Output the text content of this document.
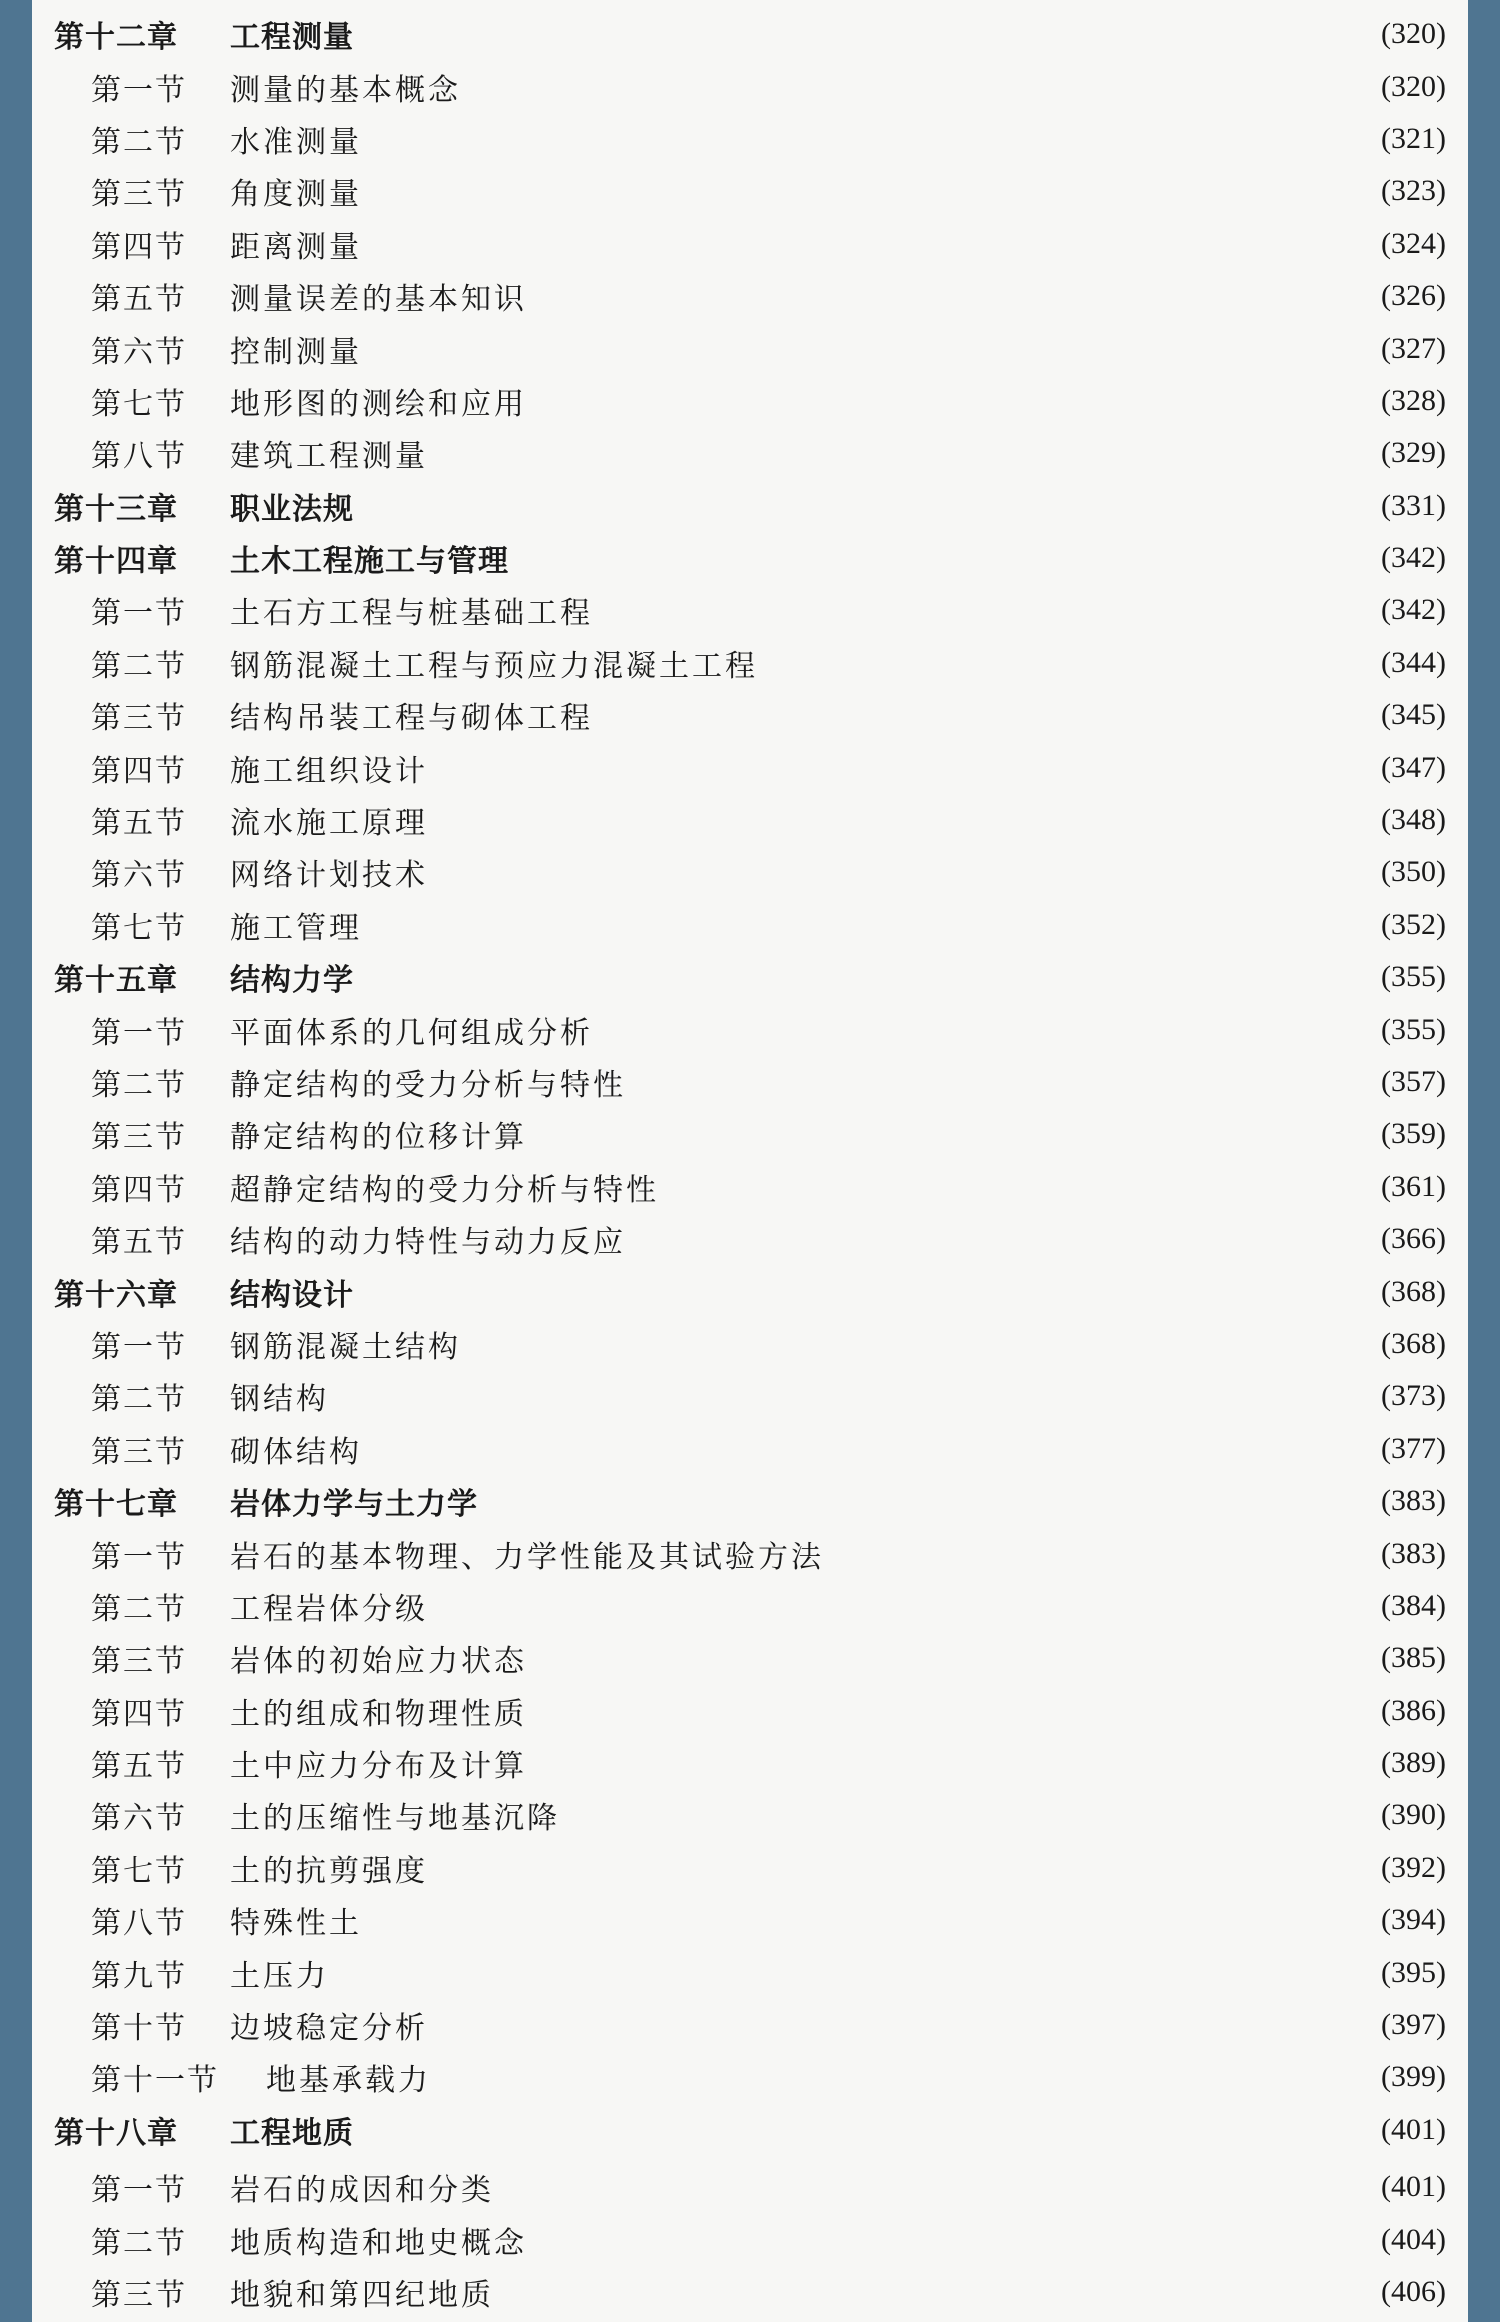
第十二章	工程测量	(320)
第一节	测量的基本概念	(320)
第二节	水准测量	(321)
第三节	角度测量	(323)
第四节	距离测量	(324)
第五节	测量误差的基本知识	(326)
第六节	控制测量	(327)
第七节	地形图的测绘和应用	(328)
第八节	建筑工程测量	(329)
第十三章	职业法规	(331)
第十四章	土木工程施工与管理	(342)
第一节	土石方工程与桩基础工程	(342)
第二节	钢筋混凝土工程与预应力混凝土工程	(344)
第三节	结构吊装工程与砌体工程	(345)
第四节	施工组织设计	(347)
第五节	流水施工原理	(348)
第六节	网络计划技术	(350)
第七节	施工管理	(352)
第十五章	结构力学	(355)
第一节	平面体系的几何组成分析	(355)
第二节	静定结构的受力分析与特性	(357)
第三节	静定结构的位移计算	(359)
第四节	超静定结构的受力分析与特性	(361)
第五节	结构的动力特性与动力反应	(366)
第十六章	结构设计	(368)
第一节	钢筋混凝土结构	(368)
第二节	钢结构	(373)
第三节	砌体结构	(377)
第十七章	岩体力学与土力学	(383)
第一节	岩石的基本物理、力学性能及其试验方法	(383)
第二节	工程岩体分级	(384)
第三节	岩体的初始应力状态	(385)
第四节	土的组成和物理性质	(386)
第五节	土中应力分布及计算	(389)
第六节	土的压缩性与地基沉降	(390)
第七节	土的抗剪强度	(392)
第八节	特殊性土	(394)
第九节	土压力	(395)
第十节	边坡稳定分析	(397)
第十一节	地基承载力	(399)
第十八章	工程地质	(401)
第一节	岩石的成因和分类	(401)
第二节	地质构造和地史概念	(404)
第三节	地貌和第四纪地质	(406)
